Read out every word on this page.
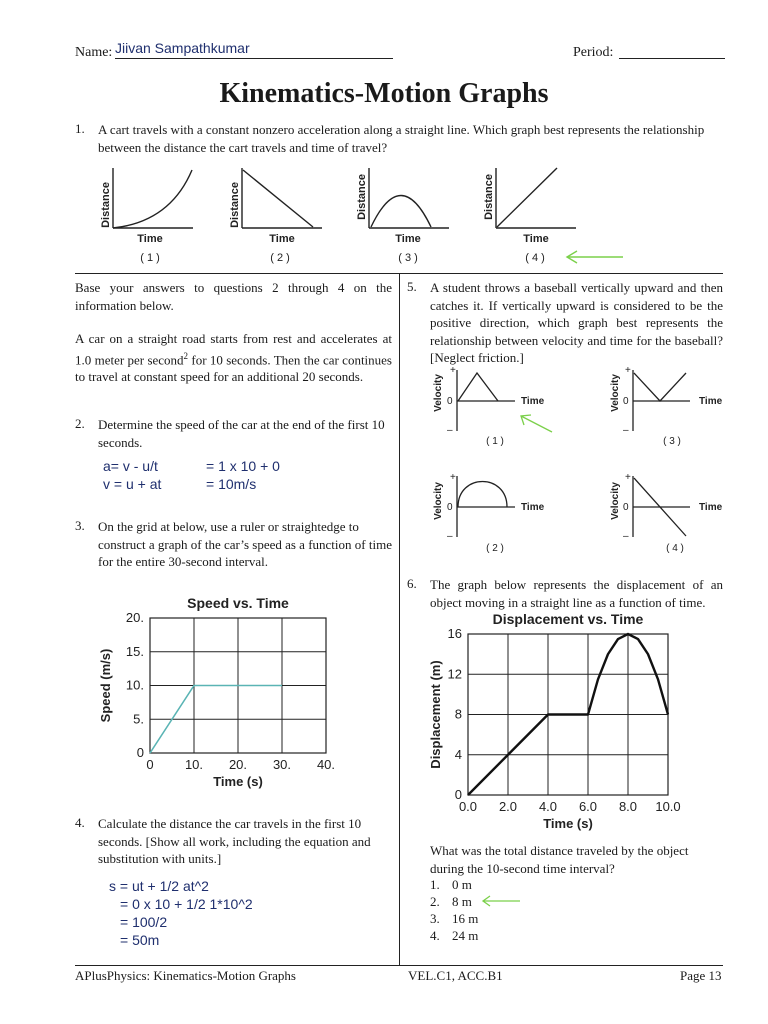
Name: Jiivan Sampathkumar	Period:
Kinematics-Motion Graphs
1. A cart travels with a constant nonzero acceleration along a straight line. Which graph best represents the relationship between the distance the cart travels and time of travel?
Distance
Time
( 1 )
Distance
Time
( 2 )
Distance
Time
( 3 )
Distance
Time
( 4 )
Base your answers to questions 2 through 4 on the information below.
A car on a straight road starts from rest and accelerates at 1.0 meter per second$^2$ for 10 seconds. Then the car continues to travel at constant speed for an additional 20 seconds.
2. Determine the speed of the car at the end of the first 10 seconds.
a= v - u/t
v = u + at
= 1 x 10 + 0
= 10m/s
3. On the grid at below, use a ruler or straightedge to construct a graph of the car’s speed as a function of time for the entire 30-second interval.
0 10. 20. 30. 40.
0
5.
10.
15.
20.
Speed vs. Time
Time (s)
Speed (m/s)
4. Calculate the distance the car travels in the first 10 seconds. [Show all work, including the equation and substitution with units.]
s = ut + 1/2 at^2
= 0 x 10 + 1/2 1*10^2
= 100/2
= 50m
5. A student throws a baseball vertically upward and then catches it. If vertically upward is considered to be the positive direction, which graph best represents the relationship between velocity and time for the baseball? [Neglect friction.]
Velocity
+
0
–
Time
( 1 )
Velocity
+
0
–
Time
( 3 )
Velocity
+
0
–
Time
( 2 )
Velocity
+
0
–
Time
( 4 )
6. The graph below represents the displacement of an object moving in a straight line as a function of time.
0.0 2.0 4.0 6.0 8.0 10.0
0
4
8
12
16
Displacement vs. Time
Time (s)
Displacement (m)
What was the total distance traveled by the object during the 10-second time interval?
1. 0 m
2. 8 m
3. 16 m
4. 24 m
APlusPhysics: Kinematics-Motion Graphs	VEL.C1, ACC.B1	Page 13
